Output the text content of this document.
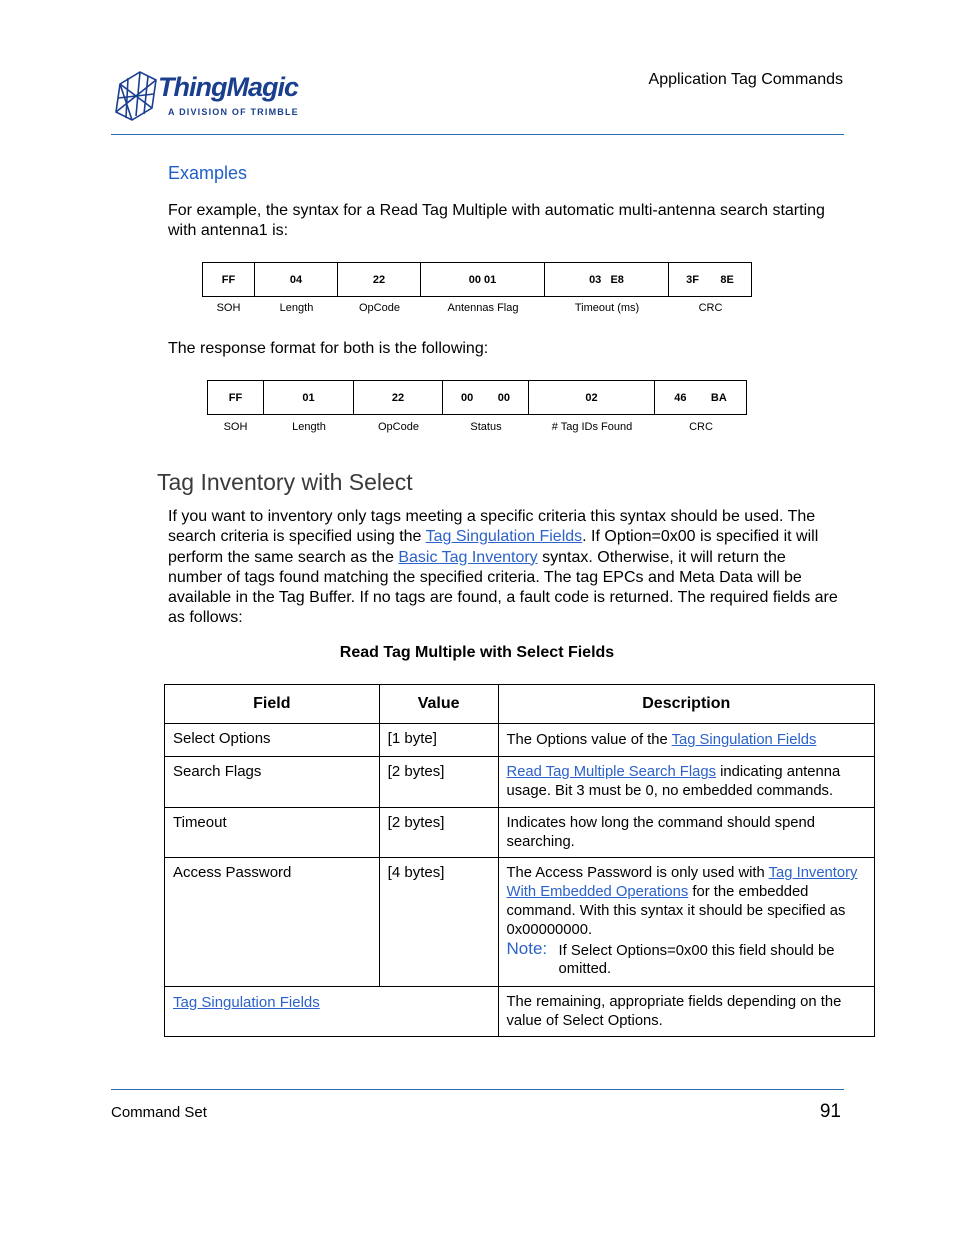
ThingMagic
A DIVISION OF TRIMBLE
Application Tag Commands
Examples
For example, the syntax for a Read Tag Multiple with automatic multi-antenna search starting with antenna1 is:
FF	04	22	00 01	03   E8	3F       8E
SOH	Length	OpCode	Antennas Flag	Timeout (ms)	CRC
The response format for both is the following:
FF	01	22	00        00	02	46        BA
SOH	Length	OpCode	Status	# Tag IDs Found	CRC
Tag Inventory with Select
If you want to inventory only tags meeting a specific criteria this syntax should be used. The search criteria is specified using the Tag Singulation Fields. If Option=0x00 is specified it will perform the same search as the Basic Tag Inventory syntax. Otherwise, it will return the number of tags found matching the specified criteria. The tag EPCs and Meta Data will be available in the Tag Buffer. If no tags are found, a fault code is returned. The required fields are as follows:
Read Tag Multiple with Select Fields
Field	Value	Description

Select Options	[1 byte]	The Options value of the Tag Singulation Fields

Search Flags	[2 bytes]	Read Tag Multiple Search Flags indicating antenna usage. Bit 3 must be 0, no embedded commands.

Timeout	[2 bytes]	Indicates how long the command should spend searching.

Access Password	[4 bytes]	The Access Password is only used with Tag Inventory With Embedded Operations for the embedded command. With this syntax it should be specified as 0x00000000.
Note: If Select Options=0x00 this field should be omitted.

Tag Singulation Fields		The remaining, appropriate fields depending on the value of Select Options.
Command Set	91
